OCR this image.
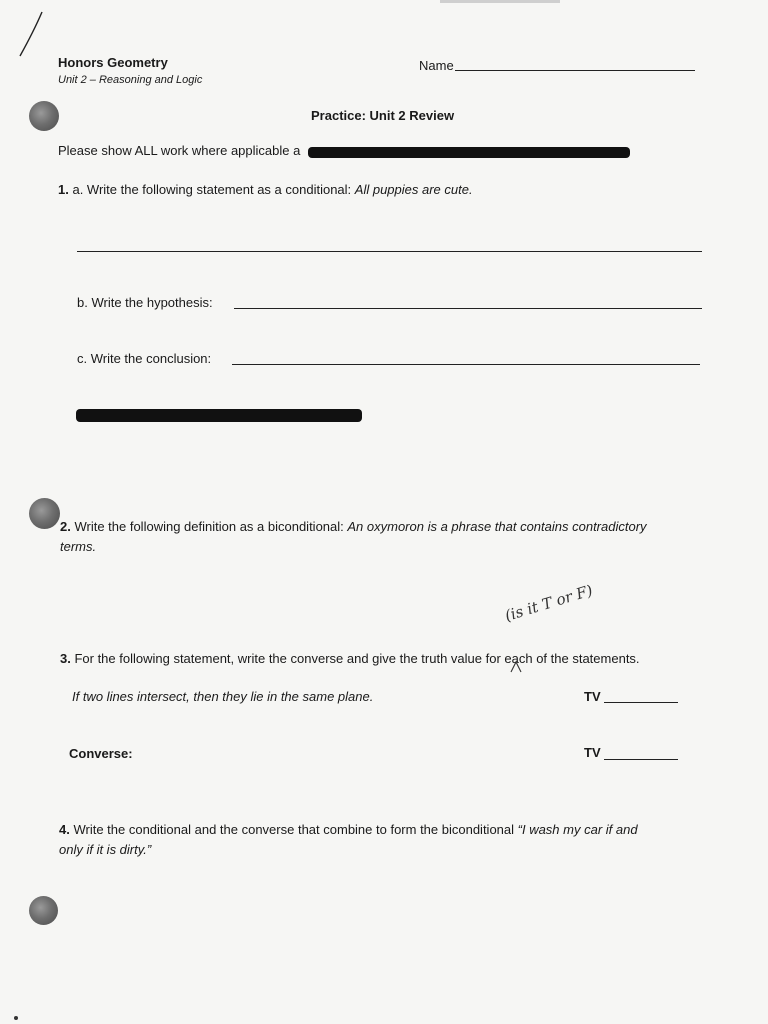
Honors Geometry
Unit 2 – Reasoning and Logic
Name
Practice: Unit 2 Review
Please show ALL work where applicable a
1. a. Write the following statement as a conditional: All puppies are cute.
b. Write the hypothesis:
c. Write the conclusion:
2. Write the following definition as a biconditional: An oxymoron is a phrase that contains contradictory
terms.
(is it T or F)
3. For the following statement, write the converse and give the truth value for each of the statements.
If two lines intersect, then they lie in the same plane.	TV
Converse:	TV
4. Write the conditional and the converse that combine to form the biconditional “I wash my car if and
only if it is dirty.”
